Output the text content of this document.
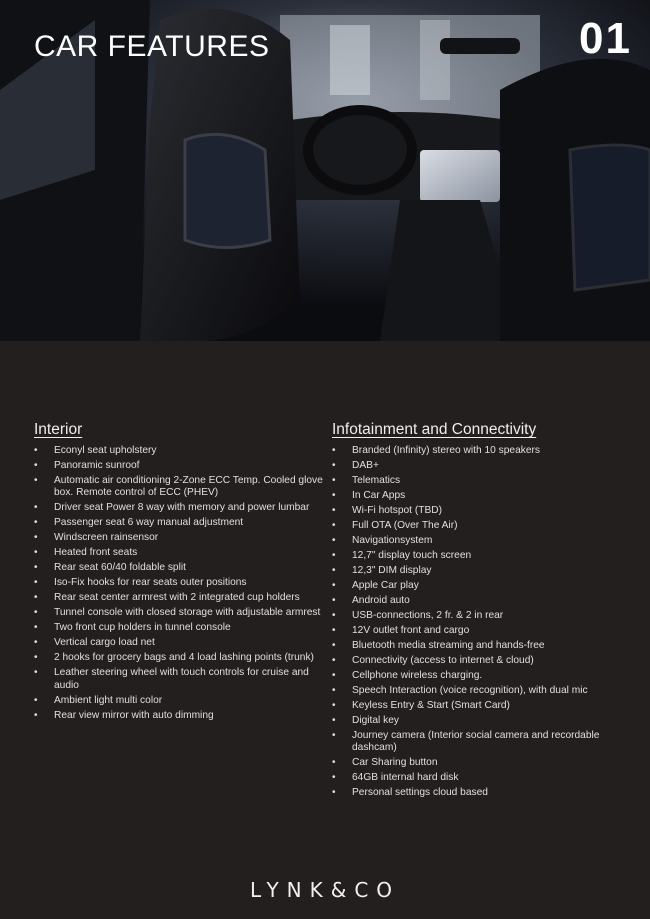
CAR FEATURES	01
Interior
• Econyl seat upholstery
• Panoramic sunroof
• Automatic air conditioning 2-Zone ECC Temp. Cooled glove box. Remote control of ECC (PHEV)
• Driver seat Power 8 way with memory and power lumbar
• Passenger seat 6 way manual adjustment
• Windscreen rainsensor
• Heated front seats
• Rear seat 60/40 foldable split
• Iso-Fix hooks for rear seats outer positions
• Rear seat center armrest with 2 integrated cup holders
• Tunnel console with closed storage with adjustable armrest
• Two front cup holders in tunnel console
• Vertical cargo load net
• 2 hooks for grocery bags and 4 load lashing points (trunk)
• Leather steering wheel with touch controls for cruise and audio
• Ambient light multi color
• Rear view mirror with auto dimming
Infotainment and Connectivity
• Branded (Infinity) stereo with 10 speakers
• DAB+
• Telematics
• In Car Apps
• Wi-Fi hotspot (TBD)
• Full OTA (Over The Air)
• Navigationsystem
• 12,7" display touch screen
• 12,3" DIM display
• Apple Car play
• Android auto
• USB-connections, 2 fr. & 2 in rear
• 12V outlet front and cargo
• Bluetooth media streaming and hands-free
• Connectivity (access to internet & cloud)
• Cellphone wireless charging.
• Speech Interaction (voice recognition), with dual mic
• Keyless Entry & Start (Smart Card)
• Digital key
• Journey camera (Interior social camera and recordable dashcam)
• Car Sharing button
• 64GB internal hard disk
• Personal settings cloud based
LYNK&CO
